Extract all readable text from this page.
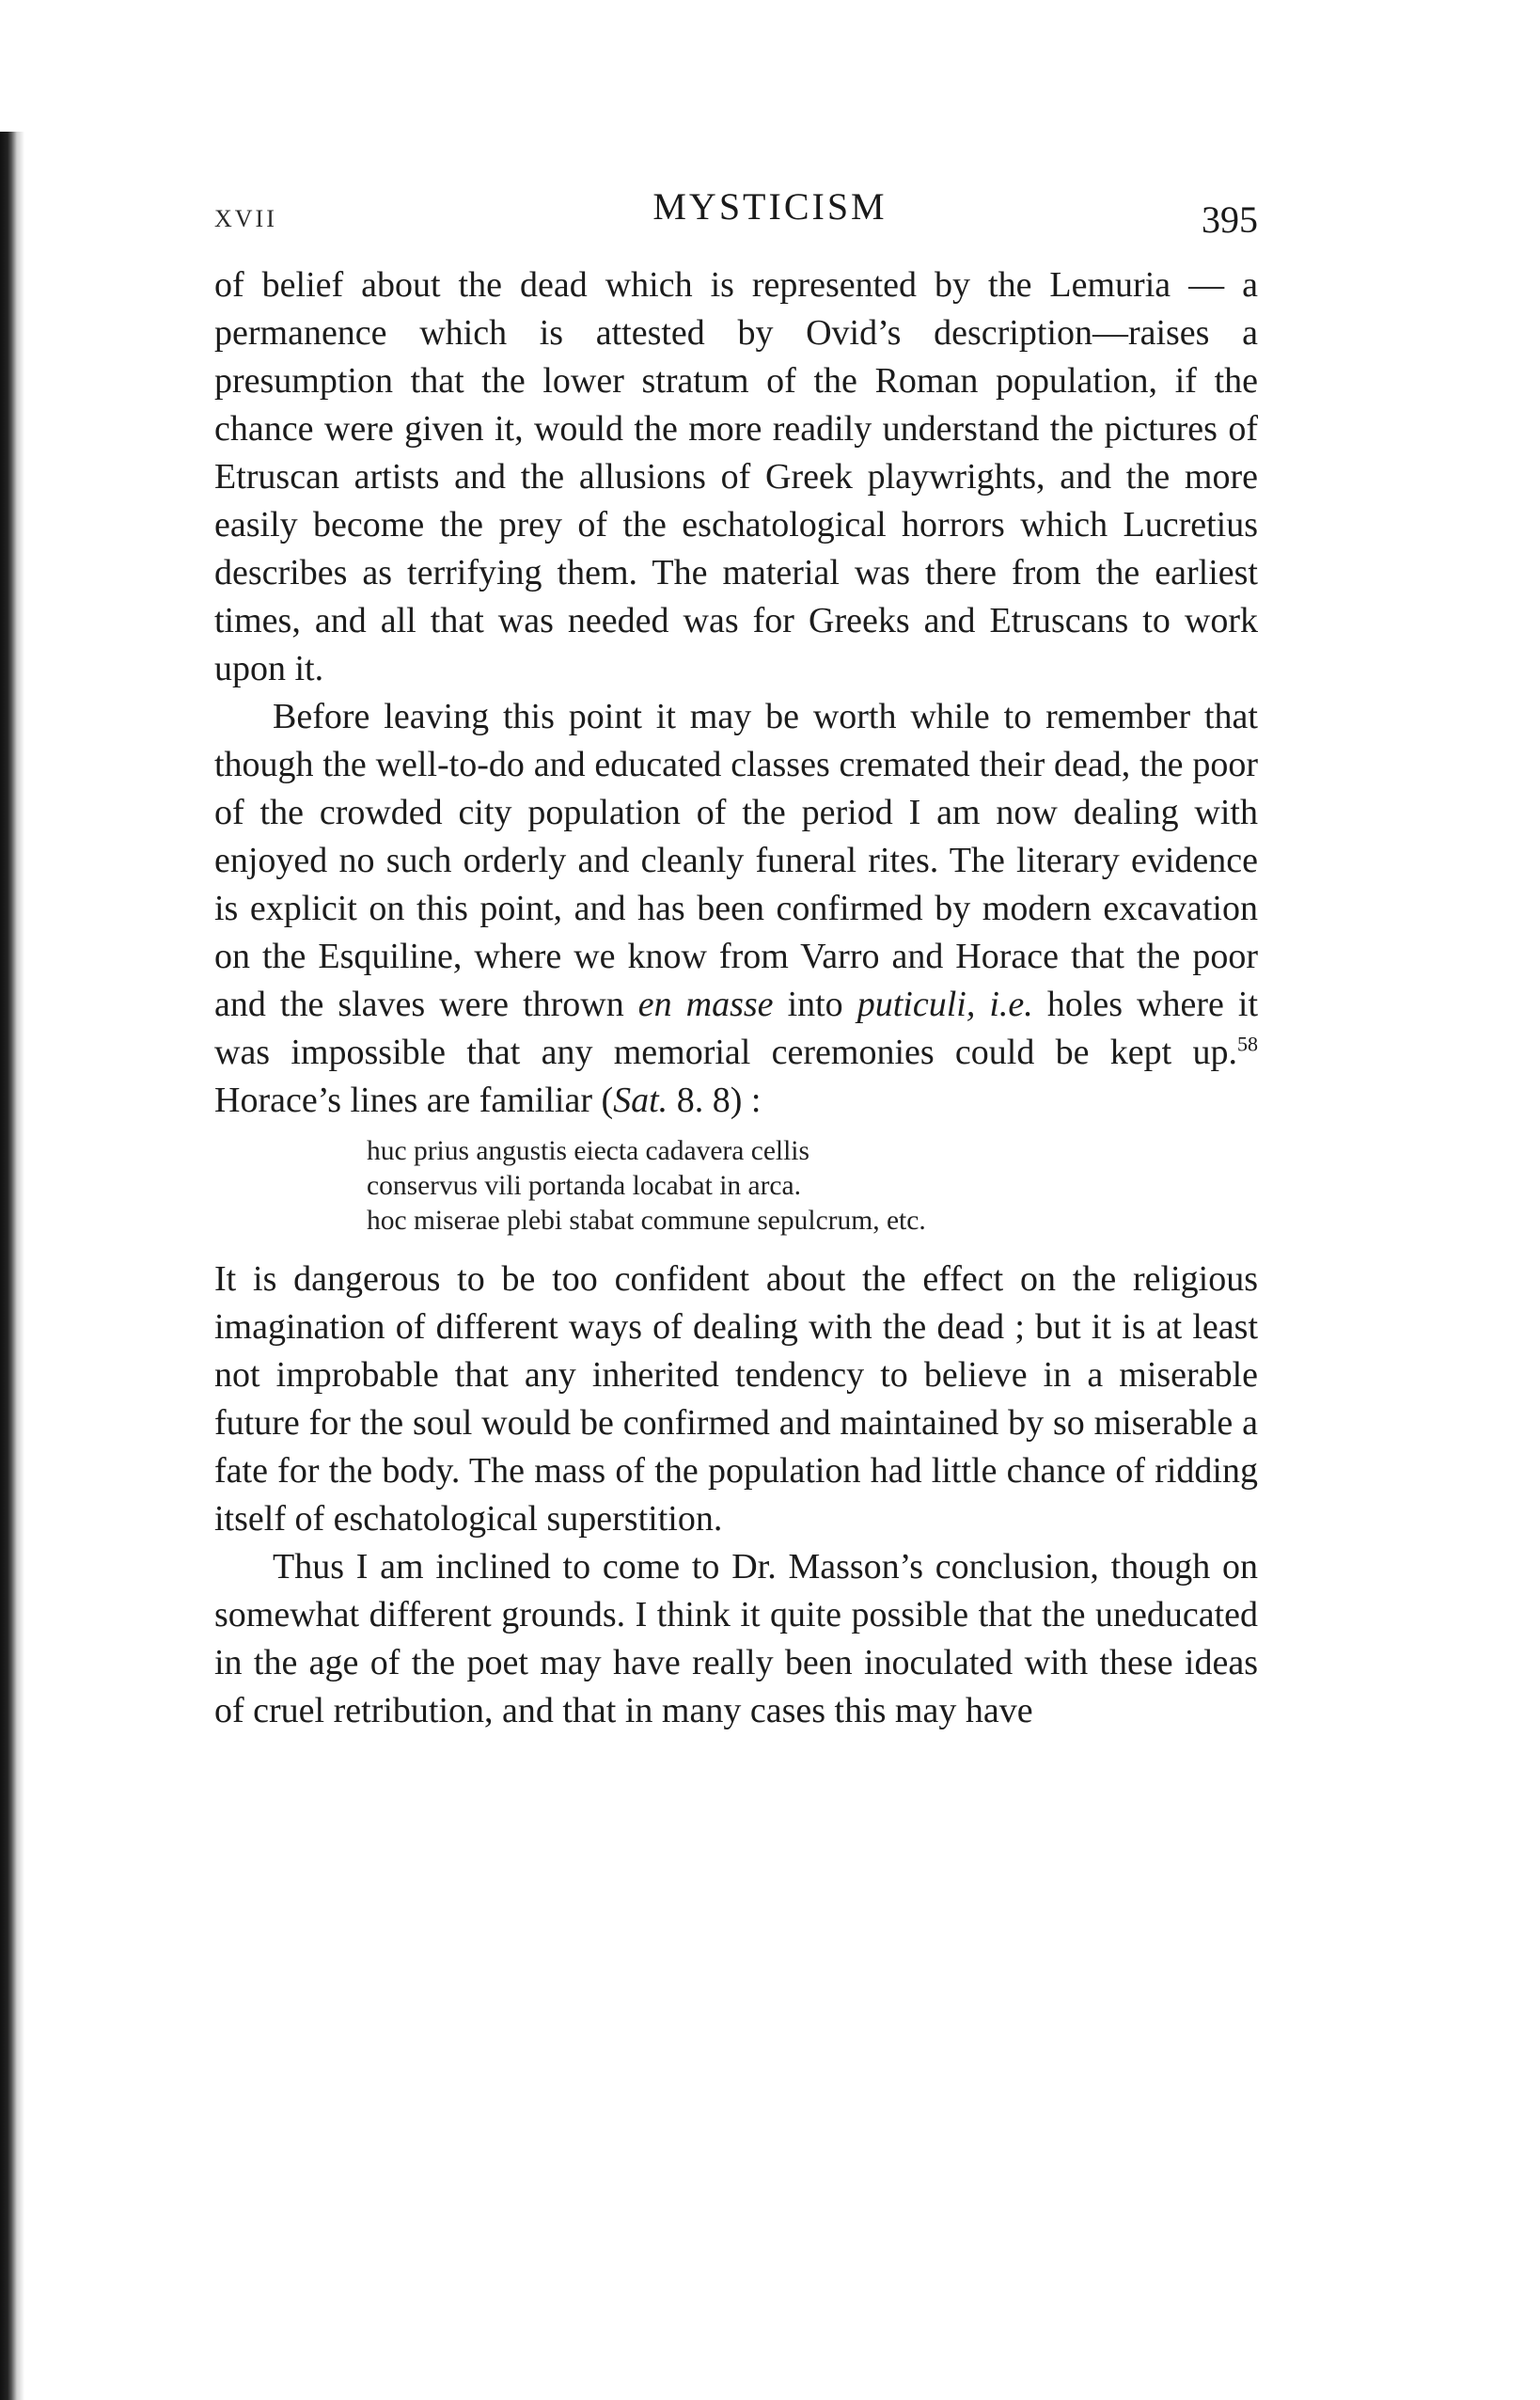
XVII	MYSTICISM	395

of belief about the dead which is represented by the Lemuria — a permanence which is attested by Ovid’s description—raises a presumption that the lower stratum of the Roman population, if the chance were given it, would the more readily understand the pictures of Etruscan artists and the allusions of Greek playwrights, and the more easily become the prey of the eschatological horrors which Lucretius describes as terrifying them. The material was there from the earliest times, and all that was needed was for Greeks and Etruscans to work upon it.

Before leaving this point it may be worth while to remember that though the well-to-do and educated classes cremated their dead, the poor of the crowded city population of the period I am now dealing with enjoyed no such orderly and cleanly funeral rites. The literary evidence is explicit on this point, and has been confirmed by modern excavation on the Esquiline, where we know from Varro and Horace that the poor and the slaves were thrown en masse into puticuli, i.e. holes where it was impossible that any memorial ceremonies could be kept up.$^{58}$ Horace’s lines are familiar (Sat. 8. 8) :

huc prius angustis eiecta cadavera cellis
conservus vili portanda locabat in arca.
hoc miserae plebi stabat commune sepulcrum, etc.

It is dangerous to be too confident about the effect on the religious imagination of different ways of dealing with the dead ; but it is at least not improbable that any inherited tendency to believe in a miserable future for the soul would be confirmed and maintained by so miserable a fate for the body. The mass of the population had little chance of ridding itself of eschatological superstition.

Thus I am inclined to come to Dr. Masson’s conclusion, though on somewhat different grounds. I think it quite possible that the uneducated in the age of the poet may have really been inoculated with these ideas of cruel retribution, and that in many cases this may have
